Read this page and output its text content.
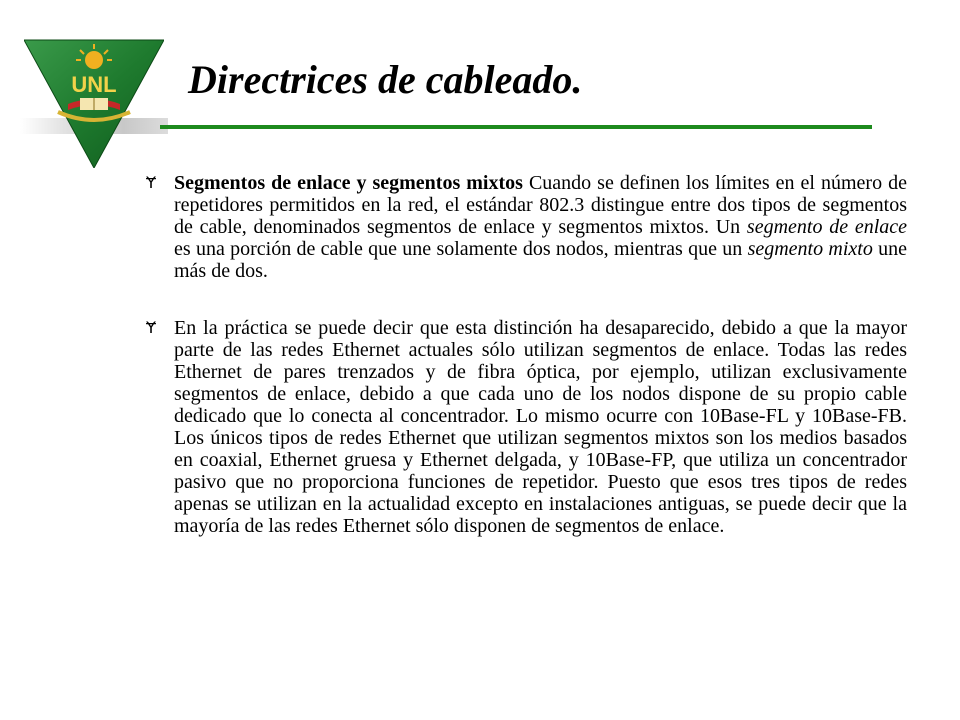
UNL Directrices de cableado.

Ɏ Segmentos de enlace y segmentos mixtos Cuando se definen los límites en el número de repetidores permitidos en la red, el estándar 802.3 distingue entre dos tipos de segmentos de cable, denominados segmentos de enlace y segmentos mixtos. Un segmento de enlace es una porción de cable que une solamente dos nodos, mientras que un segmento mixto une más de dos.

Ɏ En la práctica se puede decir que esta distinción ha desaparecido, debido a que la mayor parte de las redes Ethernet actuales sólo utilizan segmentos de enlace. Todas las redes Ethernet de pares trenzados y de fibra óptica, por ejemplo, utilizan exclusivamente segmentos de enlace, debido a que cada uno de los nodos dispone de su propio cable dedicado que lo conecta al concentrador. Lo mismo ocurre con 10Base-FL y 10Base-FB. Los únicos tipos de redes Ethernet que utilizan segmentos mixtos son los medios basados en coaxial, Ethernet gruesa y Ethernet delgada, y 10Base-FP, que utiliza un concentrador pasivo que no proporciona funciones de repetidor. Puesto que esos tres tipos de redes apenas se utilizan en la actualidad excepto en instalaciones antiguas, se puede decir que la mayoría de las redes Ethernet sólo disponen de segmentos de enlace.
